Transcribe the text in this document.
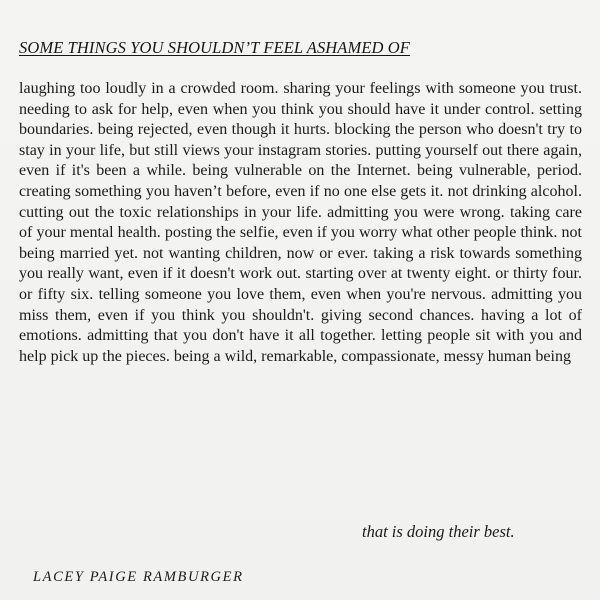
SOME THINGS YOU SHOULDN’T FEEL ASHAMED OF
laughing too loudly in a crowded room. sharing your feelings with someone you trust. needing to ask for help, even when you think you should have it under control. setting boundaries. being rejected, even though it hurts. blocking the person who doesn't try to stay in your life, but still views your instagram stories. putting yourself out there again, even if it's been a while. being vulnerable on the Internet. being vulnerable, period. creating something you haven’t before, even if no one else gets it. not drinking alcohol. cutting out the toxic relationships in your life. admitting you were wrong. taking care of your mental health. posting the selfie, even if you worry what other people think. not being married yet. not wanting children, now or ever. taking a risk towards something you really want, even if it doesn't work out. starting over at twenty eight. or thirty four. or fifty six. telling someone you love them, even when you're nervous. admitting you miss them, even if you think you shouldn't. giving second chances. having a lot of emotions. admitting that you don't have it all together. letting people sit with you and help pick up the pieces. being a wild, remarkable, compassionate, messy human being
that is doing their best.
LACEY PAIGE RAMBURGER
